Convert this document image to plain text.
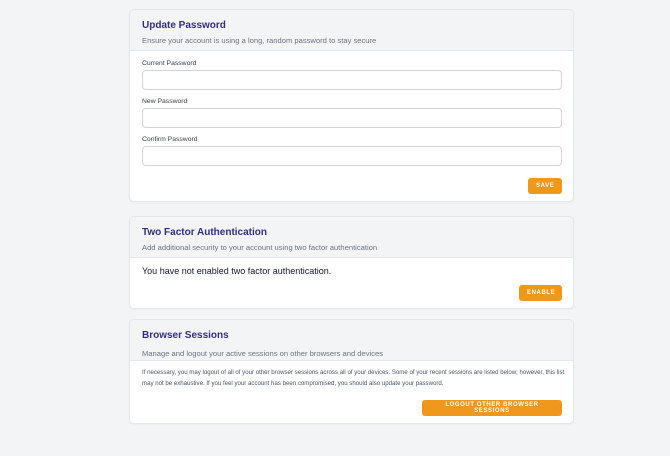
Update Password
Ensure your account is using a long, random password to stay secure
Current Password
New Password
Confirm Password
SAVE
Two Factor Authentication
Add additional security to your account using two factor authentication
You have not enabled two factor authentication.
ENABLE
Browser Sessions
Manage and logout your active sessions on other browsers and devices
If necessary, you may logout of all of your other browser sessions across all of your devices. Some of your recent sessions are listed below; however, this list may not be exhaustive. If you feel your account has been compromised, you should also update your password.
LOGOUT OTHER BROWSER SESSIONS
